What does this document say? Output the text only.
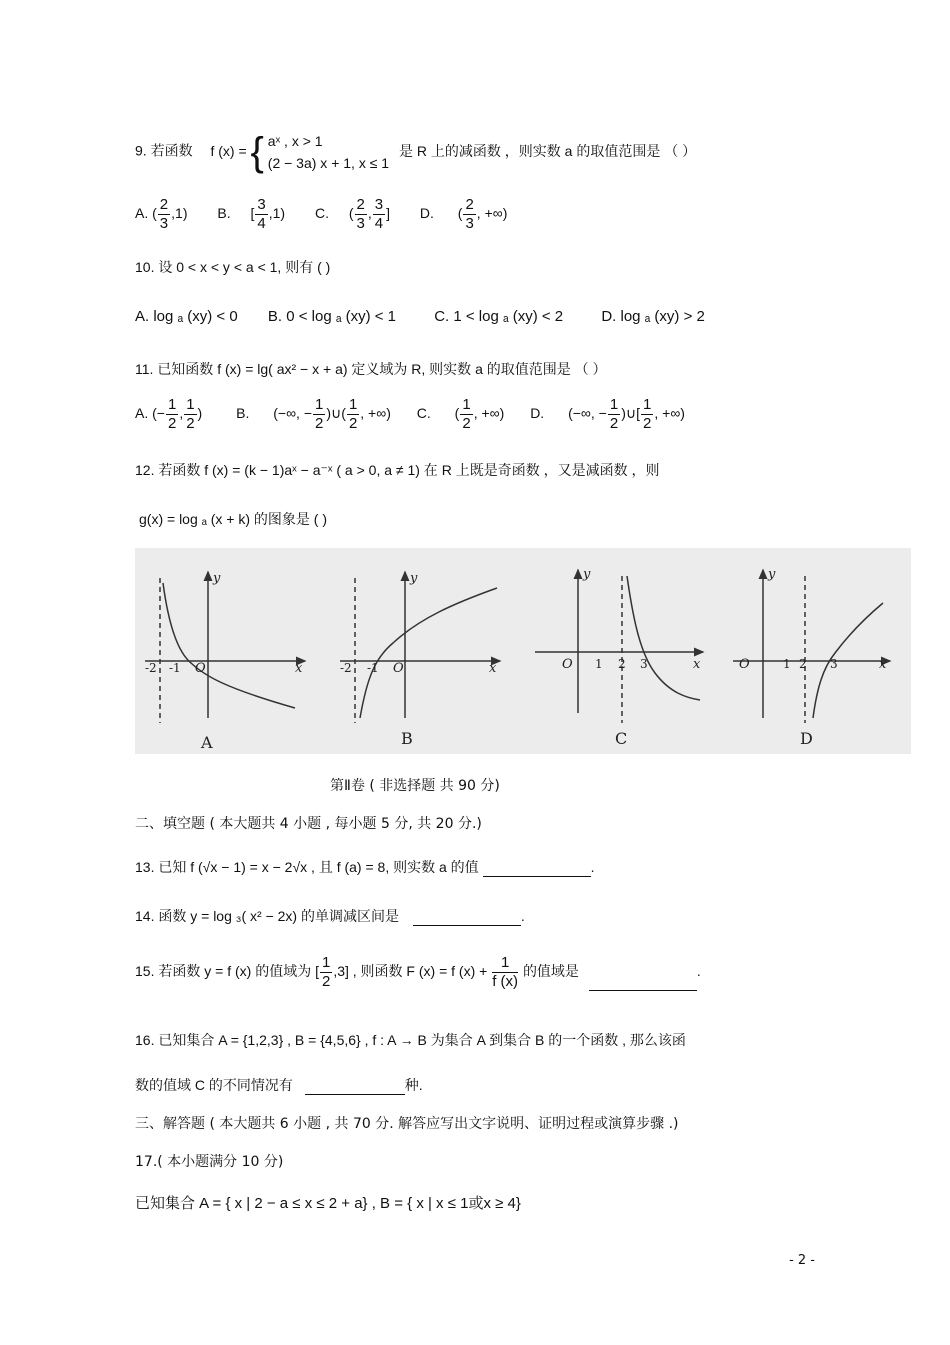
9. 若函数 f (x) = { aˣ , x > 1
(2 − 3a) x + 1, x ≤ 1
是 R 上的减函数 ，则实数 a 的取值范围是 （ ）
A. ( $\frac{2}{3} ,1$) B. [ $\frac{3}{4} ,1$) C. ( $\frac{2}{3}$ , $\frac{3}{4}$ ] D. ( $\frac{2}{3}$ , +∞)
10. 设 0 < x < y < a < 1, 则有 ( )
A. log ₐ (xy) < 0 B. 0 < log ₐ (xy) < 1	C. 1 < log ₐ (xy) < 2	D. log ₐ (xy) > 2
11. 已知函数 f (x) = lg( ax² − x + a) 定义域为 R, 则实数 a 的取值范围是 （ ）
A. (− $\frac{1}{2}$ , $\frac{1}{2}$ ) B. (−∞, − $\frac{1}{2}$ )∪( $\frac{1}{2}$ , +∞) C. ( $\frac{1}{2}$ , +∞) D. (−∞, − $\frac{1}{2}$ )∪[ $\frac{1}{2}$ , +∞)
12. 若函数 f (x) = (k − 1)aˣ − a⁻ˣ ( a > 0, a ≠ 1) 在 R 上既是奇函数 ，又是减函数 ，则
g(x) = log ₐ (x + k) 的图象是 ( )
y
x
O
y
x
O
y
x
O
y
x
O
-2 -1	-2 -1	1 2 3	1 2 3
A	B	C	D
第Ⅱ卷 ( 非选择题 共 90 分)
二、填空题 ( 本大题共 4 小题 , 每小题 5 分, 共 20 分.)
13. 已知 f (√x − 1) = x − 2√x , 且 f (a) = 8, 则实数 a 的值	.
14. 函数 y = log ₃( x² − 2x) 的单调减区间是	.
15. 若函数 y = f (x) 的值域为 [ $\frac{1}{2} ,3$] , 则函数 F (x) = f $(x) + \frac{1}{f (x)}$ 的值域是	.
16. 已知集合 A = {1,2,3} , B = {4,5,6} , f : A → B 为集合 A 到集合 B 的一个函数 , 那么该函
数的值域 C 的不同情况有	种.
三、解答题 ( 本大题共 6 小题 , 共 70 分. 解答应写出文字说明、证明过程或演算步骤 .)
17.( 本小题满分 10 分)
已知集合 A = { x | 2 − a ≤ x ≤ 2 + a} , B = { x | x ≤ 1或x ≥ 4}
- 2 -
